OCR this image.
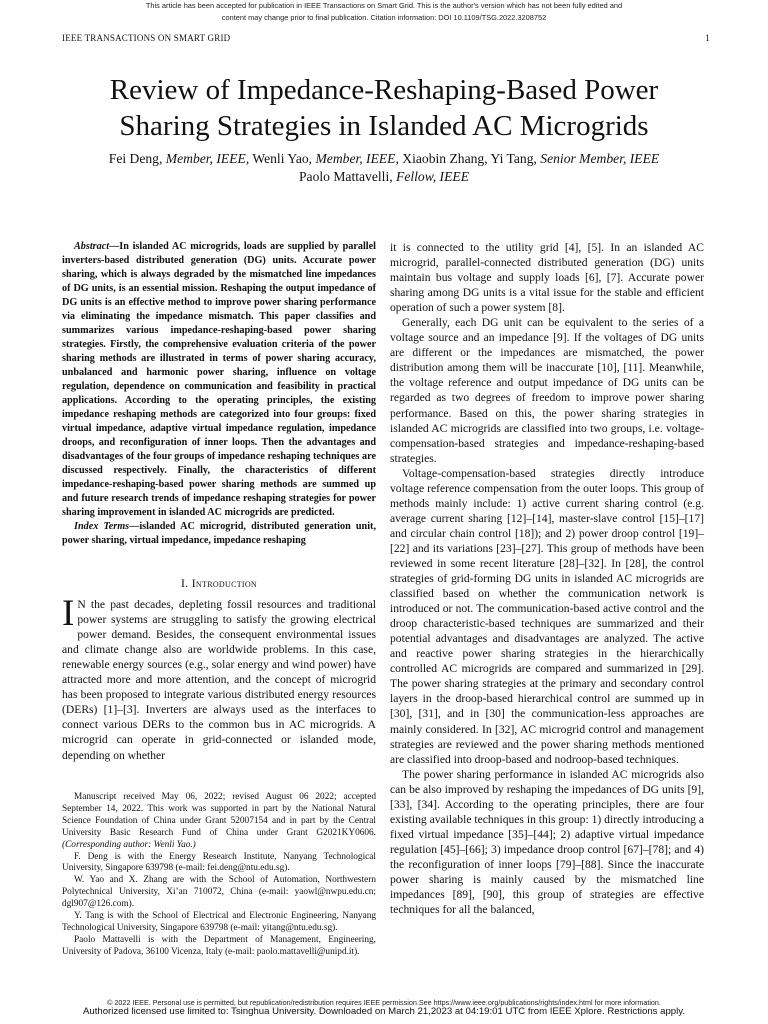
This article has been accepted for publication in IEEE Transactions on Smart Grid. This is the author's version which has not been fully edited and
content may change prior to final publication. Citation information: DOI 10.1109/TSG.2022.3208752
IEEE TRANSACTIONS ON SMART GRID	1
Review of Impedance-Reshaping-Based Power
Sharing Strategies in Islanded AC Microgrids
Fei Deng, Member, IEEE, Wenli Yao, Member, IEEE, Xiaobin Zhang, Yi Tang, Senior Member, IEEE
Paolo Mattavelli, Fellow, IEEE

Abstract—In islanded AC microgrids, loads are supplied by parallel inverters-based distributed generation (DG) units. Accurate power sharing, which is always degraded by the mismatched line impedances of DG units, is an essential mission. Reshaping the output impedance of DG units is an effective method to improve power sharing performance via eliminating the impedance mismatch. This paper classifies and summarizes various impedance-reshaping-based power sharing strategies. Firstly, the comprehensive evaluation criteria of the power sharing methods are illustrated in terms of power sharing accuracy, unbalanced and harmonic power sharing, influence on voltage regulation, dependence on communication and feasibility in practical applications. According to the operating principles, the existing impedance reshaping methods are categorized into four groups: fixed virtual impedance, adaptive virtual impedance regulation, impedance droops, and reconfiguration of inner loops. Then the advantages and disadvantages of the four groups of impedance reshaping techniques are discussed respectively. Finally, the characteristics of different impedance-reshaping-based power sharing methods are summed up and future research trends of impedance reshaping strategies for power sharing improvement in islanded AC microgrids are predicted.

Index Terms—islanded AC microgrid, distributed generation unit, power sharing, virtual impedance, impedance reshaping

I. Introduction

I N the past decades, depleting fossil resources and traditional power systems are struggling to satisfy the growing electrical power demand. Besides, the consequent environmental issues and climate change also are worldwide problems. In this case, renewable energy sources (e.g., solar energy and wind power) have attracted more and more attention, and the concept of microgrid has been proposed to integrate various distributed energy resources (DERs) [1]–[3]. Inverters are always used as the interfaces to connect various DERs to the common bus in AC microgrids. A microgrid can operate in grid-connected or islanded mode, depending on whether

Manuscript received May 06, 2022; revised August 06 2022; accepted September 14, 2022. This work was supported in part by the National Natural Science Foundation of China under Grant 52007154 and in part by the Central University Basic Research Fund of China under Grant G2021KY0606. (Corresponding author: Wenli Yao.)

F. Deng is with the Energy Research Institute, Nanyang Technological University, Singapore 639798 (e-mail: fei.deng@ntu.edu.sg).

W. Yao and X. Zhang are with the School of Automation, Northwestern Polytechnical University, Xi’an 710072, China (e-mail: yaowl@nwpu.edu.cn; dgl907@126.com).

Y. Tang is with the School of Electrical and Electronic Engineering, Nanyang Technological University, Singapore 639798 (e-mail: yitang@ntu.edu.sg).

Paolo Mattavelli is with the Department of Management, Engineering, University of Padova, 36100 Vicenza, Italy (e-mail: paolo.mattavelli@unipd.it).

it is connected to the utility grid [4], [5]. In an islanded AC microgrid, parallel-connected distributed generation (DG) units maintain bus voltage and supply loads [6], [7]. Accurate power sharing among DG units is a vital issue for the stable and efficient operation of such a power system [8].

Generally, each DG unit can be equivalent to the series of a voltage source and an impedance [9]. If the voltages of DG units are different or the impedances are mismatched, the power distribution among them will be inaccurate [10], [11]. Meanwhile, the voltage reference and output impedance of DG units can be regarded as two degrees of freedom to improve power sharing performance. Based on this, the power sharing strategies in islanded AC microgrids are classified into two groups, i.e. voltage-compensation-based strategies and impedance-reshaping-based strategies.

Voltage-compensation-based strategies directly introduce voltage reference compensation from the outer loops. This group of methods mainly include: 1) active current sharing control (e.g. average current sharing [12]–[14], master-slave control [15]–[17] and circular chain control [18]); and 2) power droop control [19]–[22] and its variations [23]–[27]. This group of methods have been reviewed in some recent literature [28]–[32]. In [28], the control strategies of grid-forming DG units in islanded AC microgrids are classified based on whether the communication network is introduced or not. The communication-based active control and the droop characteristic-based techniques are summarized and their potential advantages and disadvantages are analyzed. The active and reactive power sharing strategies in the hierarchically controlled AC microgrids are compared and summarized in [29]. The power sharing strategies at the primary and secondary control layers in the droop-based hierarchical control are summed up in [30], [31], and in [30] the communication-less approaches are mainly considered. In [32], AC microgrid control and management strategies are reviewed and the power sharing methods mentioned are classified into droop-based and nodroop-based techniques.

The power sharing performance in islanded AC microgrids also can be also improved by reshaping the impedances of DG units [9], [33], [34]. According to the operating principles, there are four existing available techniques in this group: 1) directly introducing a fixed virtual impedance [35]–[44]; 2) adaptive virtual impedance regulation [45]–[66]; 3) impedance droop control [67]–[78]; and 4) the reconfiguration of inner loops [79]–[88]. Since the inaccurate power sharing is mainly caused by the mismatched line impedances [89], [90], this group of strategies are effective techniques for all the balanced,

© 2022 IEEE. Personal use is permitted, but republication/redistribution requires IEEE permission.See https://www.ieee.org/publications/rights/index.html for more information.
Authorized licensed use limited to: Tsinghua University. Downloaded on March 21,2023 at 04:19:01 UTC from IEEE Xplore. Restrictions apply.
